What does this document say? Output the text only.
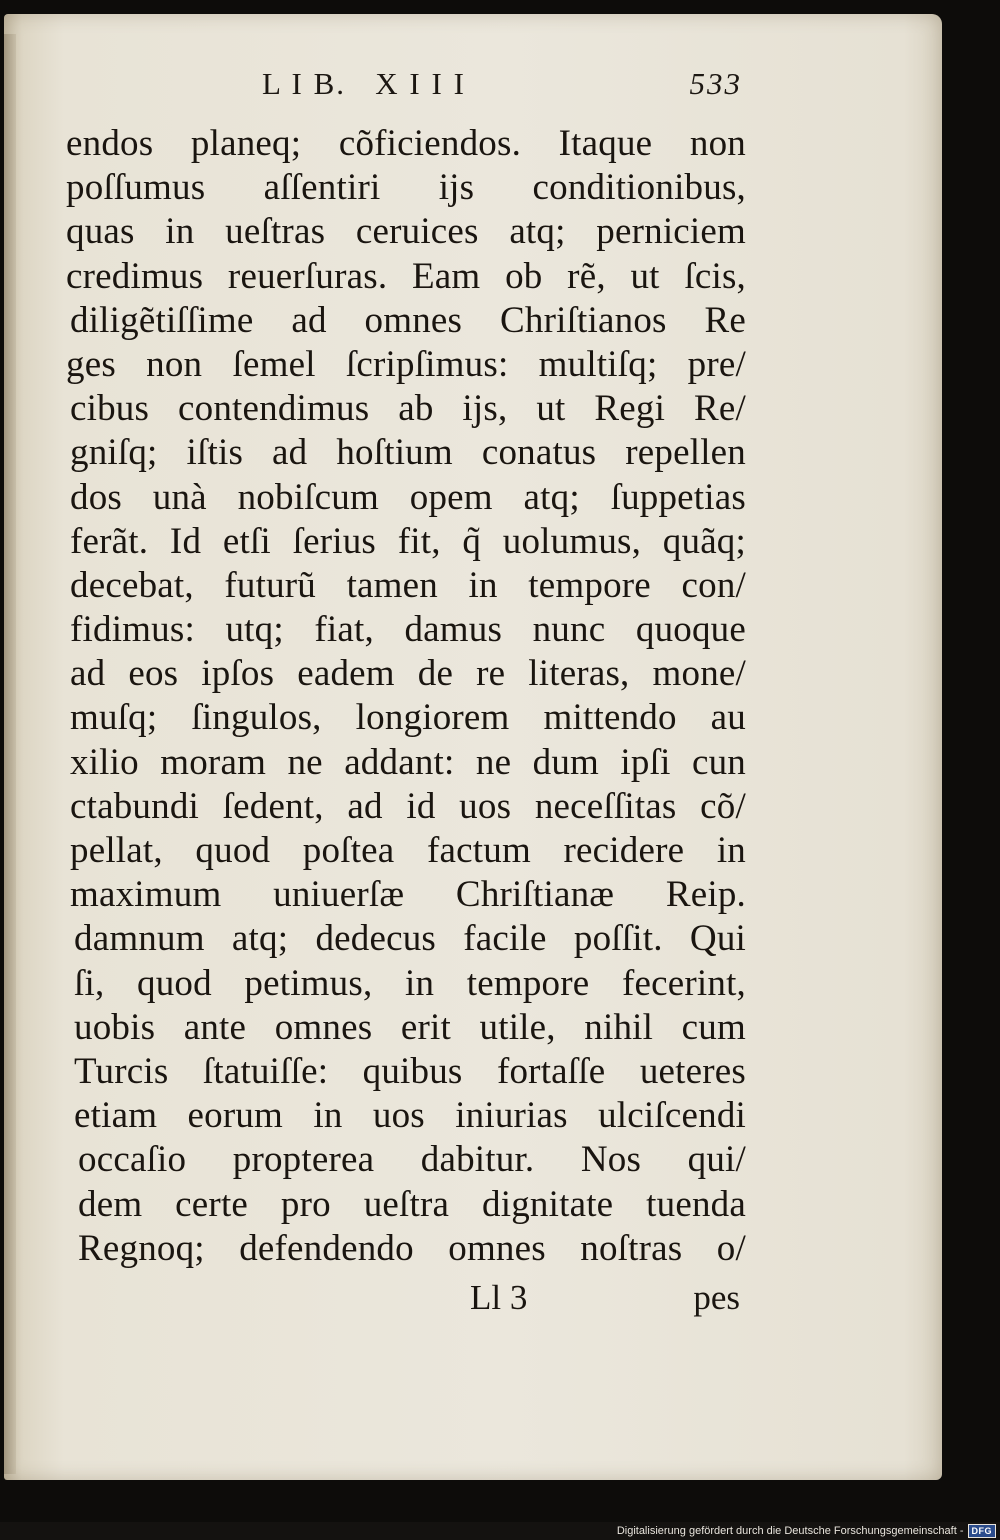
L I B.   X I I I	533
endos planeq; cõficiendos. Itaque non
poſſumus aſſentiri ijs conditionibus,
quas in ueſtras ceruices atq; perniciem
credimus reuerſuras. Eam ob rẽ, ut ſcis,
diligẽtiſſime ad omnes Chriſtianos Re
ges non ſemel ſcripſimus: multiſq; pre/
cibus contendimus ab ijs, ut Regi Re/
gniſq; iſtis ad hoſtium conatus repellen
dos unà nobiſcum opem atq; ſuppetias
ferãt. Id etſi ſerius fit, q̃ uolumus, quãq;
decebat, futurũ tamen in tempore con/
fidimus: utq; fiat, damus nunc quoque
ad eos ipſos eadem de re literas, mone/
muſq; ſingulos, longiorem mittendo au
xilio moram ne addant: ne dum ipſi cun
ctabundi ſedent, ad id uos neceſſitas cõ/
pellat, quod poſtea factum recidere in
maximum uniuerſæ Chriſtianæ Reip.
damnum atq; dedecus facile poſſit. Qui
ſi, quod petimus, in tempore fecerint,
uobis ante omnes erit utile, nihil cum
Turcis ſtatuiſſe: quibus fortaſſe ueteres
etiam eorum in uos iniurias ulciſcendi
occaſio propterea dabitur. Nos qui/
dem certe pro ueſtra dignitate tuenda
Regnoq; defendendo omnes noſtras o/
Ll 3	pes
Digitalisierung gefördert durch die Deutsche Forschungsgemeinschaft - DFG
